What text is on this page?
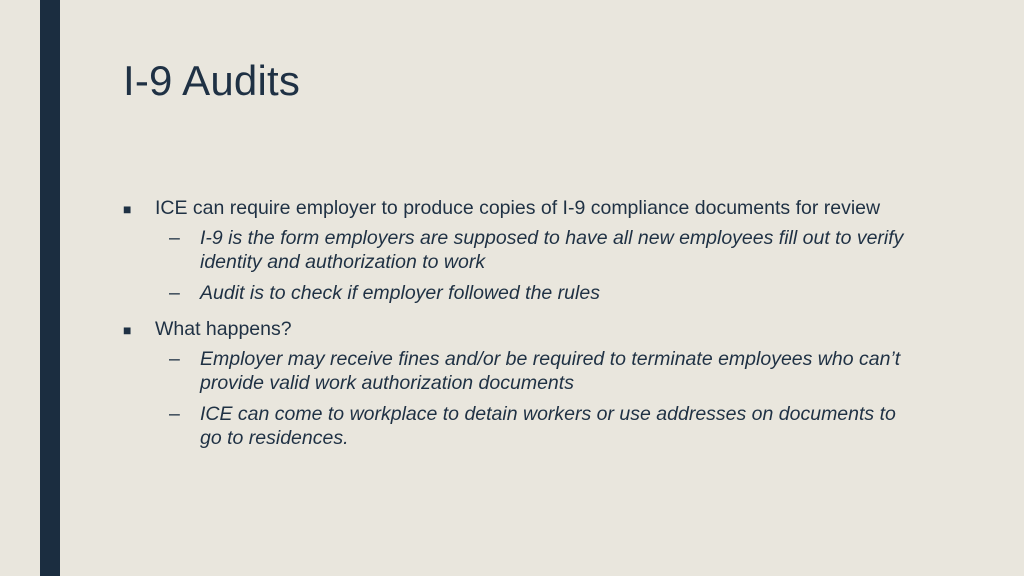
I-9 Audits
■ ICE can require employer to produce copies of I-9 compliance documents for review
– I-9 is the form employers are supposed to have all new employees fill out to verify identity and authorization to work
– Audit is to check if employer followed the rules
■ What happens?
– Employer may receive fines and/or be required to terminate employees who can’t provide valid work authorization documents
– ICE can come to workplace to detain workers or use addresses on documents to go to residences.
